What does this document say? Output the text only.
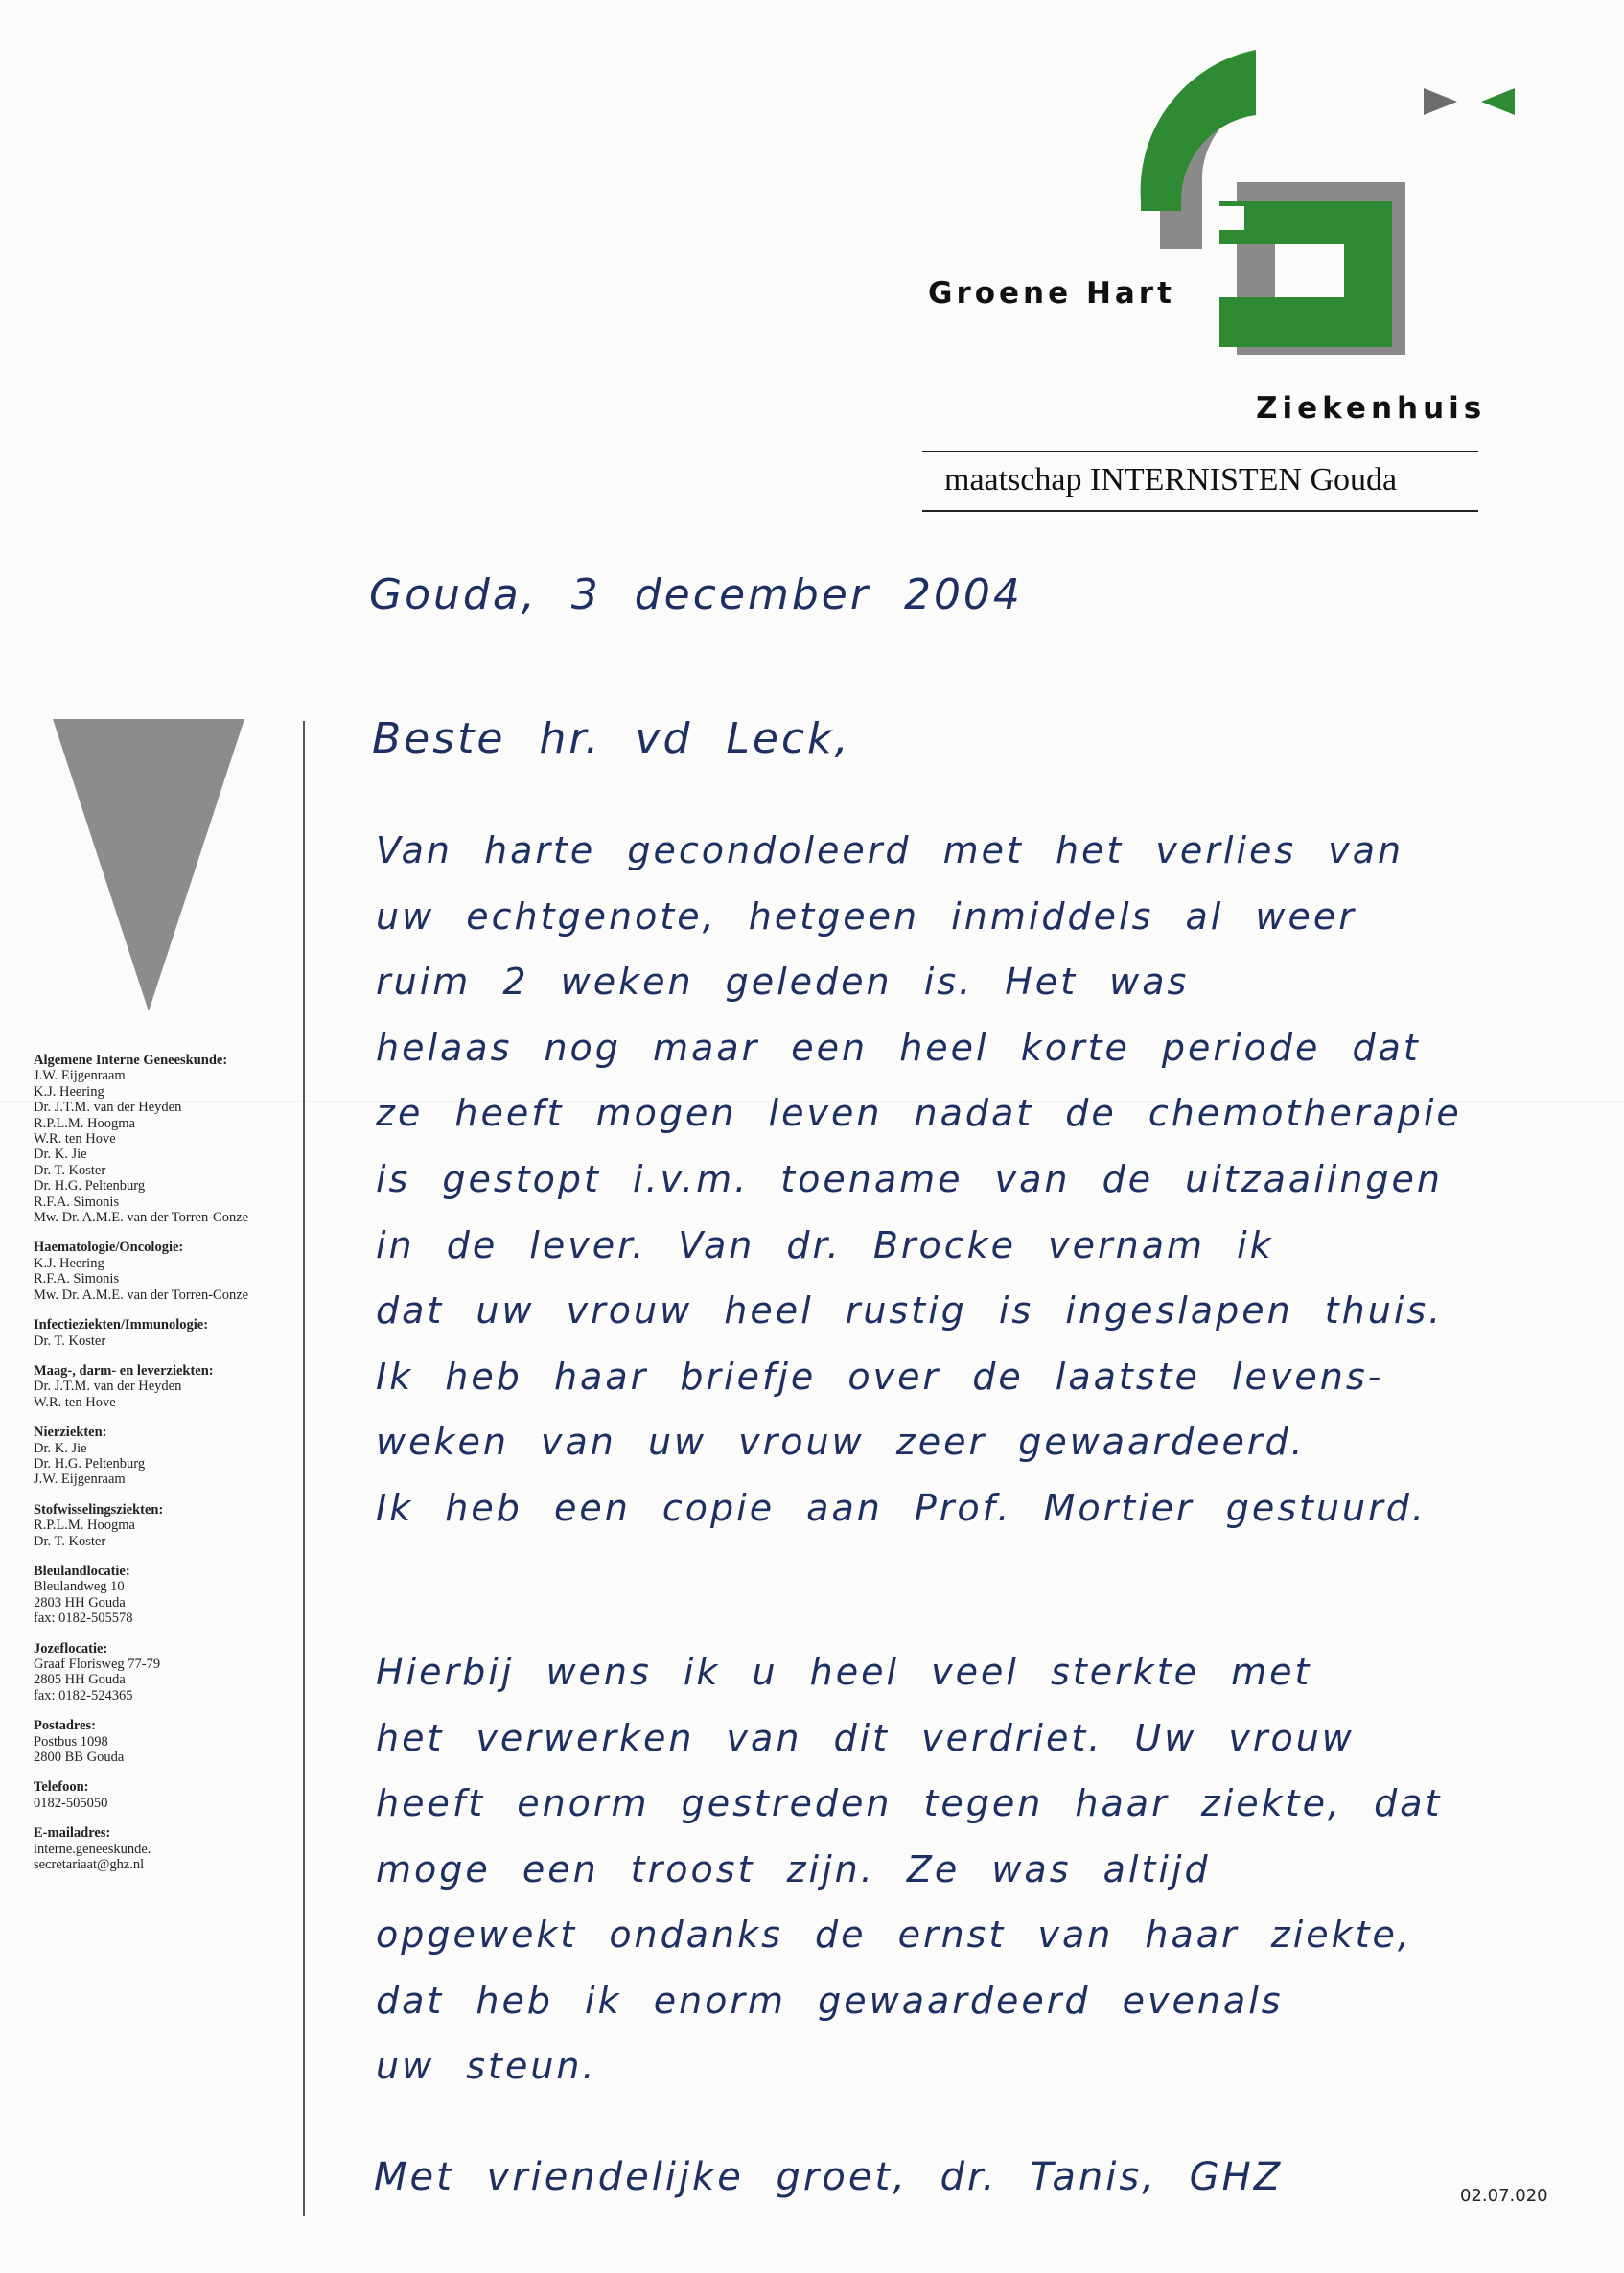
Groene Hart
Ziekenhuis
maatschap INTERNISTEN Gouda
Algemene Interne Geneeskunde:
J.W. Eijgenraam
K.J. Heering
Dr. J.T.M. van der Heyden
R.P.L.M. Hoogma
W.R. ten Hove
Dr. K. Jie
Dr. T. Koster
Dr. H.G. Peltenburg
R.F.A. Simonis
Mw. Dr. A.M.E. van der Torren-Conze
Haematologie/Oncologie:
K.J. Heering
R.F.A. Simonis
Mw. Dr. A.M.E. van der Torren-Conze
Infectieziekten/Immunologie:
Dr. T. Koster
Maag-, darm- en leverziekten:
Dr. J.T.M. van der Heyden
W.R. ten Hove
Nierziekten:
Dr. K. Jie
Dr. H.G. Peltenburg
J.W. Eijgenraam
Stofwisselingsziekten:
R.P.L.M. Hoogma
Dr. T. Koster
Bleulandlocatie:
Bleulandweg 10
2803 HH Gouda
fax: 0182-505578
Jozeflocatie:
Graaf Florisweg 77-79
2805 HH Gouda
fax: 0182-524365
Postadres:
Postbus 1098
2800 BB Gouda
Telefoon:
0182-505050
E-mailadres:
interne.geneeskunde.
secretariaat@ghz.nl
Gouda, 3 december 2004
Beste hr. vd Leck,
Van harte gecondoleerd met het verlies van
uw echtgenote, hetgeen inmiddels al weer
ruim 2 weken geleden is. Het was
helaas nog maar een heel korte periode dat
ze heeft mogen leven nadat de chemotherapie
is gestopt i.v.m. toename van de uitzaaiingen
in de lever. Van dr. Brocke vernam ik
dat uw vrouw heel rustig is ingeslapen thuis.
Ik heb haar briefje over de laatste levens-
weken van uw vrouw zeer gewaardeerd.
Ik heb een copie aan Prof. Mortier gestuurd.
Hierbij wens ik u heel veel sterkte met
het verwerken van dit verdriet. Uw vrouw
heeft enorm gestreden tegen haar ziekte, dat
moge een troost zijn. Ze was altijd
opgewekt ondanks de ernst van haar ziekte,
dat heb ik enorm gewaardeerd evenals
uw steun.
Met vriendelijke groet, dr. Tanis, GHZ	02.07.020
